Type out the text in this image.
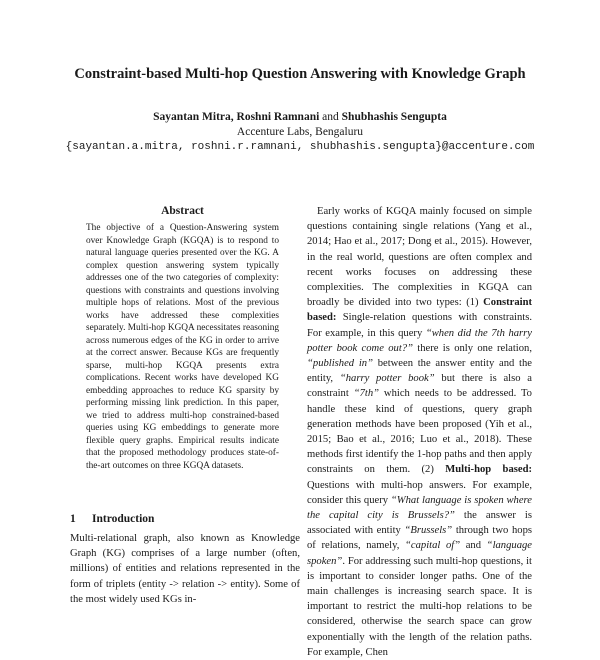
Constraint-based Multi-hop Question Answering with Knowledge Graph
Sayantan Mitra, Roshni Ramnani and Shubhashis Sengupta
Accenture Labs, Bengaluru
{sayantan.a.mitra, roshni.r.ramnani, shubhashis.sengupta}@accenture.com
Abstract
The objective of a Question-Answering system over Knowledge Graph (KGQA) is to respond to natural language queries presented over the KG. A complex question answering system typically addresses one of the two categories of complexity: questions with constraints and questions involving multiple hops of relations. Most of the previous works have addressed these complexities separately. Multi-hop KGQA necessitates reasoning across numerous edges of the KG in order to arrive at the correct answer. Because KGs are frequently sparse, multi-hop KGQA presents extra complications. Recent works have developed KG embedding approaches to reduce KG sparsity by performing missing link prediction. In this paper, we tried to address multi-hop constrained-based queries using KG embeddings to generate more flexible query graphs. Empirical results indicate that the proposed methodology produces state-of-the-art outcomes on three KGQA datasets.
1 Introduction
Multi-relational graph, also known as Knowledge Graph (KG) comprises of a large number (often, millions) of entities and relations represented in the form of triplets (entity -> relation -> entity). Some of the most widely used KGs in-
Early works of KGQA mainly focused on simple questions containing single relations (Yang et al., 2014; Hao et al., 2017; Dong et al., 2015). However, in the real world, questions are often complex and recent works focuses on addressing these complexities. The complexities in KGQA can broadly be divided into two types: (1) Constraint based: Single-relation questions with constraints. For example, in this query “when did the 7th harry potter book come out?” there is only one relation, “published in” between the answer entity and the entity, “harry potter book” but there is also a constraint “7th” which needs to be addressed. To handle these kind of questions, query graph generation methods have been proposed (Yih et al., 2015; Bao et al., 2016; Luo et al., 2018). These methods first identify the 1-hop paths and then apply constraints on them. (2) Multi-hop based: Questions with multi-hop answers. For example, consider this query “What language is spoken where the capital city is Brussels?” the answer is associated with entity “Brussels” through two hops of relations, namely, “capital of” and “language spoken”. For addressing such multi-hop questions, it is important to consider longer paths. One of the main challenges is increasing search space. It is important to restrict the multi-hop relations to be considered, otherwise the search space can grow exponentially with the length of the relation paths. For example, Chen
